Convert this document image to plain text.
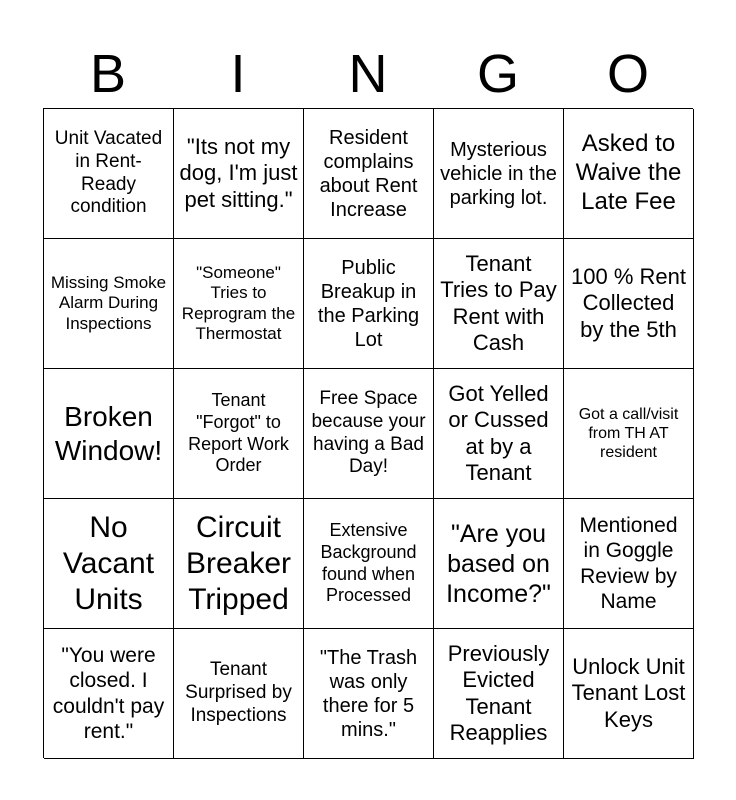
B	I	N	G	O
Unit Vacated in Rent-Ready condition
"Its not my dog, I'm just pet sitting."
Resident complains about Rent Increase
Mysterious vehicle in the parking lot.
Asked to Waive the Late Fee
Missing Smoke Alarm During Inspections
"Someone" Tries to Reprogram the Thermostat
Public Breakup in the Parking Lot
Tenant Tries to Pay Rent with Cash
100 % Rent Collected by the 5th
Broken Window!
Tenant "Forgot" to Report Work Order
Free Space because your having a Bad Day!
Got Yelled or Cussed at by a Tenant
Got a call/visit from TH AT resident
No Vacant Units
Circuit Breaker Tripped
Extensive Background found when Processed
"Are you based on Income?"
Mentioned in Goggle Review by Name
"You were closed. I couldn't pay rent."
Tenant Surprised by Inspections
"The Trash was only there for 5 mins."
Previously Evicted Tenant Reapplies
Unlock Unit Tenant Lost Keys
